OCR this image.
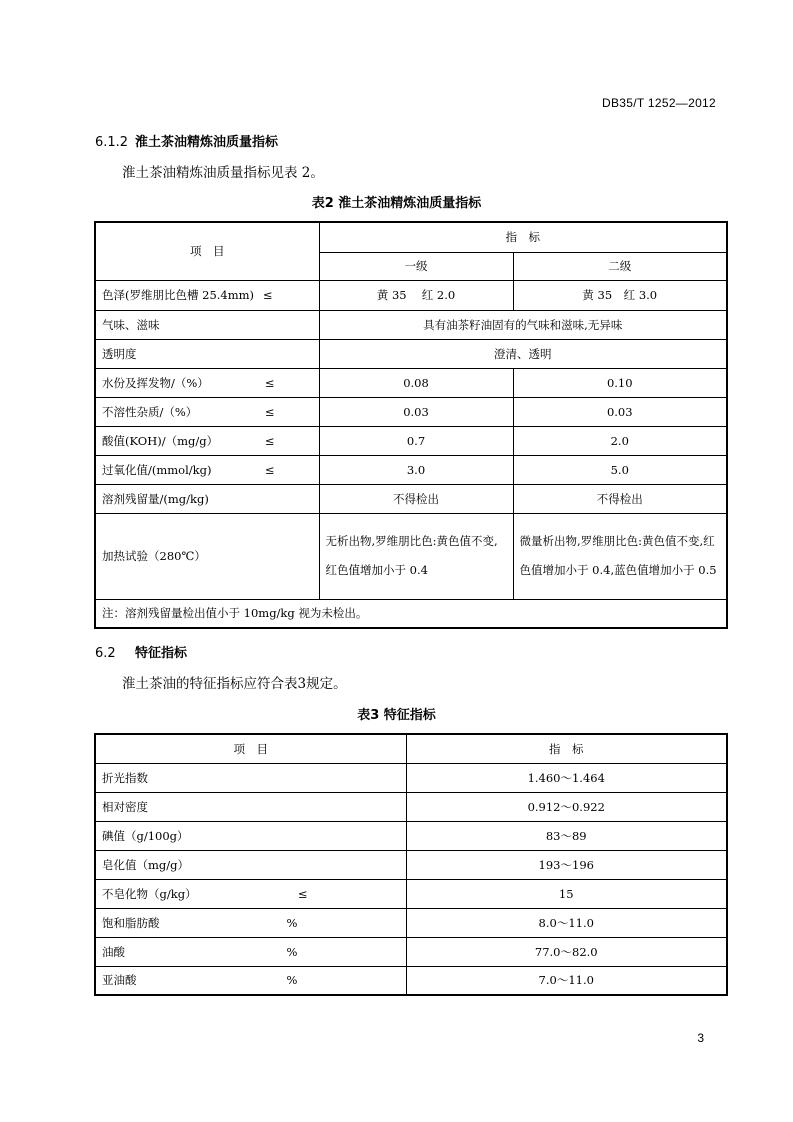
DB35/T 1252—2012
6.1.2 淮土茶油精炼油质量指标
淮土茶油精炼油质量指标见表 2。
表2 淮土茶油精炼油质量指标
项　目	指　标	
	一级	二级

色泽(罗维朋比色槽 25.4mm) ≤	黄 35　 红 2.0	黄 35　红 3.0
气味、滋味	具有油茶籽油固有的气味和滋味,无异味	
透明度	澄清、透明	

水份及挥发物/（%） ≤	0.08	0.10

不溶性杂质/（%） ≤	0.03	0.03

酸值(KOH)/（mg/g） ≤	0.7	2.0

过氧化值/(mmol/kg) ≤	3.0	5.0
溶剂残留量/(mg/kg)	不得检出	不得检出
加热试验（280℃）	无析出物,罗维朋比色:黄色值不变,红色值增加小于 0.4	微量析出物,罗维朋比色:黄色值不变,红色值增加小于 0.4,蓝色值增加小于 0.5
注：溶剂残留量检出值小于 10mg/kg 视为未检出。		
6.2 特征指标
淮土茶油的特征指标应符合表3规定。
表3 特征指标
项　目	指　标
折光指数	1.460～1.464
相对密度	0.912～0.922
碘值（g/100g）	83～89
皂化值（mg/g）	193～196

不皂化物（g/kg） ≤	15

饱和脂肪酸 %	8.0～11.0

油酸 %	77.0～82.0

亚油酸 %	7.0～11.0
3
